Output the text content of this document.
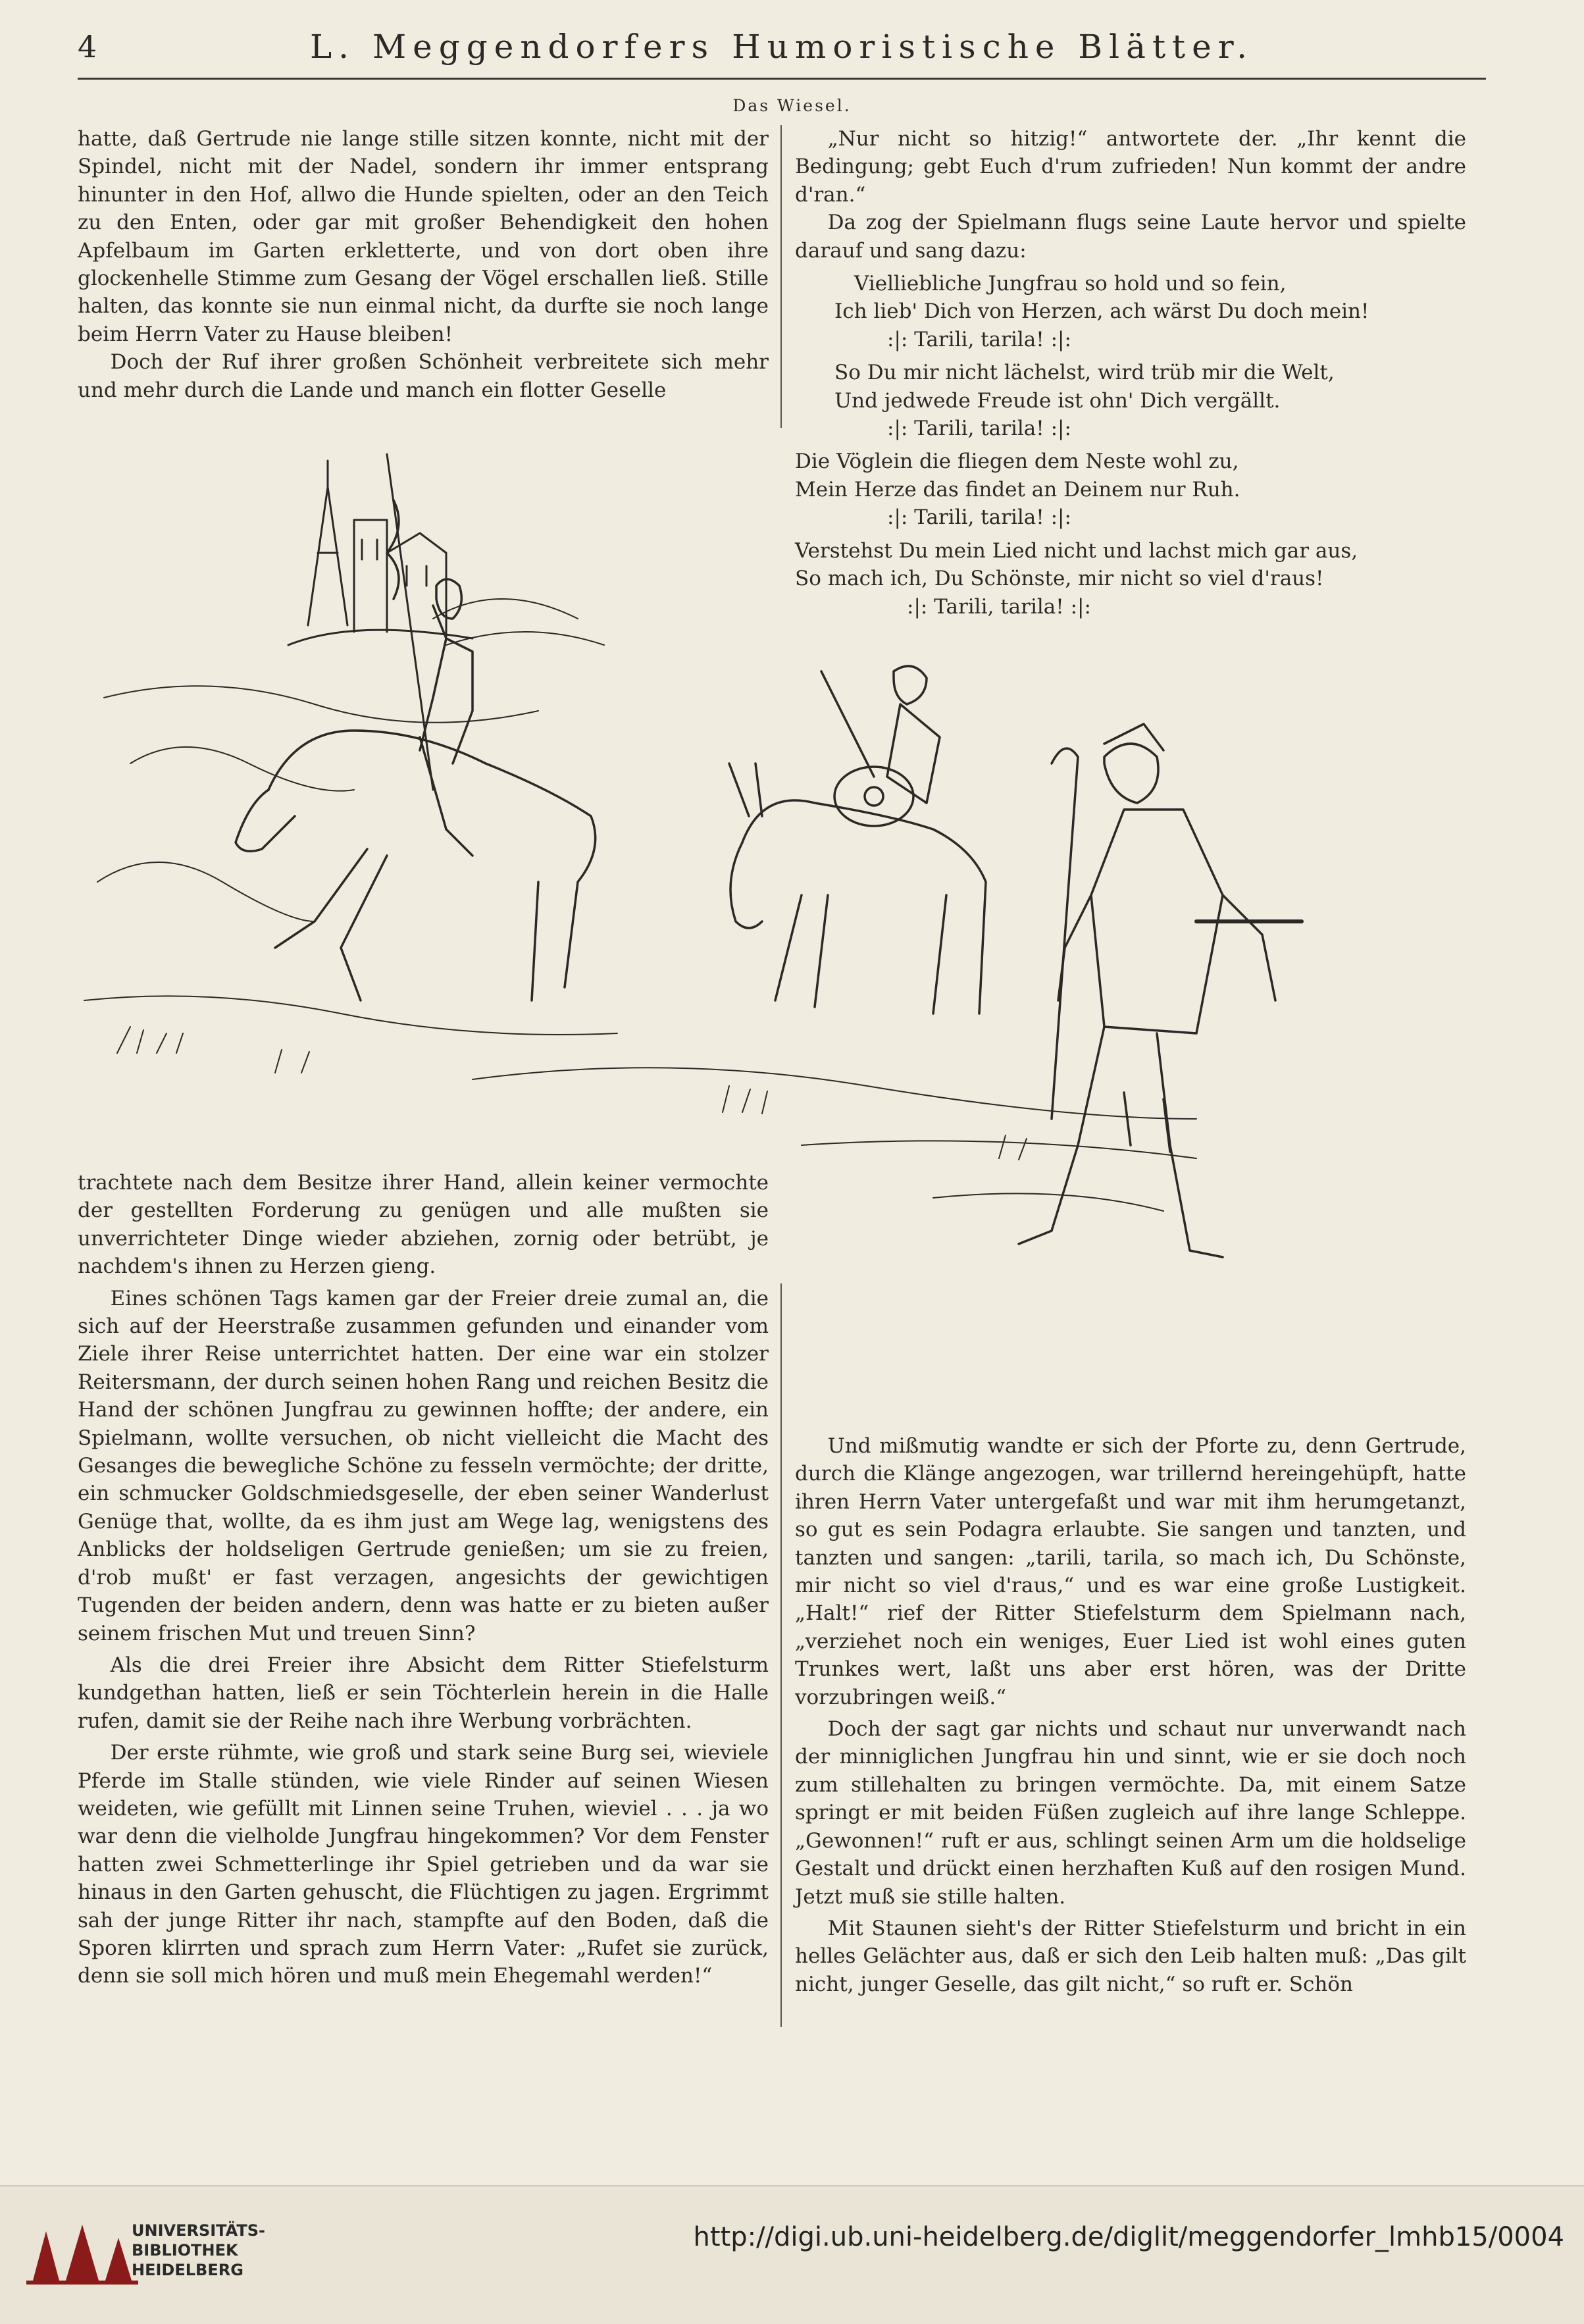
4	L. Meggendorfers Humoristische Blätter.
Das Wiesel.

hatte, daß Gertrude nie lange stille sitzen konnte, nicht mit der Spindel, nicht mit der Nadel, sondern ihr immer entsprang hinunter in den Hof, allwo die Hunde spielten, oder an den Teich zu den Enten, oder gar mit großer Behendigkeit den hohen Apfelbaum im Garten erkletterte, und von dort oben ihre glockenhelle Stimme zum Gesang der Vögel erschallen ließ. Stille halten, das konnte sie nun einmal nicht, da durfte sie noch lange beim Herrn Vater zu Hause bleiben!

Doch der Ruf ihrer großen Schönheit verbreitete sich mehr und mehr durch die Lande und manch ein flotter Geselle

„Nur nicht so hitzig!“ antwortete der. „Ihr kennt die Bedingung; gebt Euch d'rum zufrieden! Nun kommt der andre d'ran.“

Da zog der Spielmann flugs seine Laute hervor und spielte darauf und sang dazu:

Vielliebliche Jungfrau so hold und so fein,
Ich lieb' Dich von Herzen, ach wärst Du doch mein!
:|: Tarili, tarila! :|:
So Du mir nicht lächelst, wird trüb mir die Welt,
Und jedwede Freude ist ohn' Dich vergällt.
:|: Tarili, tarila! :|:
Die Vöglein die fliegen dem Neste wohl zu,
Mein Herze das findet an Deinem nur Ruh.
:|: Tarili, tarila! :|:
Verstehst Du mein Lied nicht und lachst mich gar aus,
So mach ich, Du Schönste, mir nicht so viel d'raus!
:|: Tarili, tarila! :|:

trachtete nach dem Besitze ihrer Hand, allein keiner vermochte der gestellten Forderung zu genügen und alle mußten sie unverrichteter Dinge wieder abziehen, zornig oder betrübt, je nachdem's ihnen zu Herzen gieng.

Eines schönen Tags kamen gar der Freier dreie zumal an, die sich auf der Heerstraße zusammen gefunden und einander vom Ziele ihrer Reise unterrichtet hatten. Der eine war ein stolzer Reitersmann, der durch seinen hohen Rang und reichen Besitz die Hand der schönen Jungfrau zu gewinnen hoffte; der andere, ein Spielmann, wollte versuchen, ob nicht vielleicht die Macht des Gesanges die bewegliche Schöne zu fesseln vermöchte; der dritte, ein schmucker Goldschmiedsgeselle, der eben seiner Wanderlust Genüge that, wollte, da es ihm just am Wege lag, wenigstens des Anblicks der holdseligen Gertrude genießen; um sie zu freien, d'rob mußt' er fast verzagen, angesichts der gewichtigen Tugenden der beiden andern, denn was hatte er zu bieten außer seinem frischen Mut und treuen Sinn?

Als die drei Freier ihre Absicht dem Ritter Stiefelsturm kundgethan hatten, ließ er sein Töchterlein herein in die Halle rufen, damit sie der Reihe nach ihre Werbung vorbrächten.

Der erste rühmte, wie groß und stark seine Burg sei, wieviele Pferde im Stalle stünden, wie viele Rinder auf seinen Wiesen weideten, wie gefüllt mit Linnen seine Truhen, wieviel . . . ja wo war denn die vielholde Jungfrau hingekommen? Vor dem Fenster hatten zwei Schmetterlinge ihr Spiel getrieben und da war sie hinaus in den Garten gehuscht, die Flüchtigen zu jagen. Ergrimmt sah der junge Ritter ihr nach, stampfte auf den Boden, daß die Sporen klirrten und sprach zum Herrn Vater: „Rufet sie zurück, denn sie soll mich hören und muß mein Ehegemahl werden!“

Und mißmutig wandte er sich der Pforte zu, denn Gertrude, durch die Klänge angezogen, war trillernd hereingehüpft, hatte ihren Herrn Vater untergefaßt und war mit ihm herumgetanzt, so gut es sein Podagra erlaubte. Sie sangen und tanzten, und tanzten und sangen: „tarili, tarila, so mach ich, Du Schönste, mir nicht so viel d'raus,“ und es war eine große Lustigkeit. „Halt!“ rief der Ritter Stiefelsturm dem Spielmann nach, „verziehet noch ein weniges, Euer Lied ist wohl eines guten Trunkes wert, laßt uns aber erst hören, was der Dritte vorzubringen weiß.“

Doch der sagt gar nichts und schaut nur unverwandt nach der minniglichen Jungfrau hin und sinnt, wie er sie doch noch zum stillehalten zu bringen vermöchte. Da, mit einem Satze springt er mit beiden Füßen zugleich auf ihre lange Schleppe. „Gewonnen!“ ruft er aus, schlingt seinen Arm um die holdselige Gestalt und drückt einen herzhaften Kuß auf den rosigen Mund. Jetzt muß sie stille halten.

Mit Staunen sieht's der Ritter Stiefelsturm und bricht in ein helles Gelächter aus, daß er sich den Leib halten muß: „Das gilt nicht, junger Geselle, das gilt nicht,“ so ruft er. Schön

UNIVERSITÄTS-
BIBLIOTHEK
HEIDELBERG
http://digi.ub.uni-heidelberg.de/diglit/meggendorfer_lmhb15/0004
